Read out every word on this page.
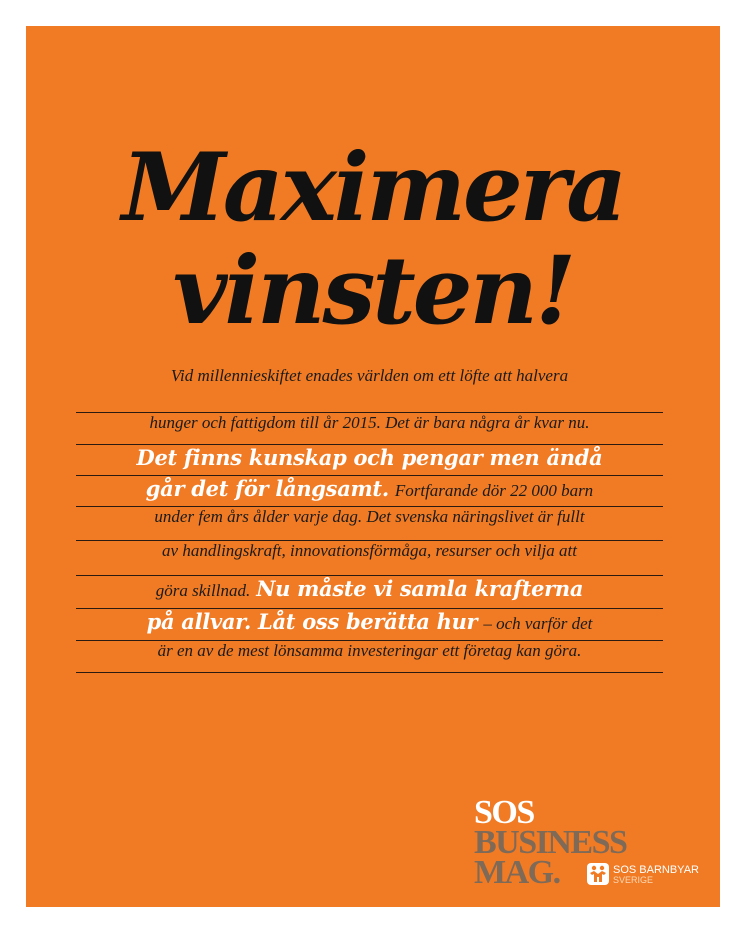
Maximera
vinsten!
Vid millennieskiftet enades världen om ett löfte att halvera
hunger och fattigdom till år 2015. Det är bara några år kvar nu.
Det finns kunskap och pengar men ändå
går det för långsamt. Fortfarande dör 22 000 barn
under fem års ålder varje dag. Det svenska näringslivet är fullt
av handlingskraft, innovationsförmåga, resurser och vilja att
göra skillnad. Nu måste vi samla krafterna
på allvar. Låt oss berätta hur – och varför det
är en av de mest lönsamma investeringar ett företag kan göra.
SOS
BUSINESS
MAG.	SOS BARNBYAR
SVERIGE
